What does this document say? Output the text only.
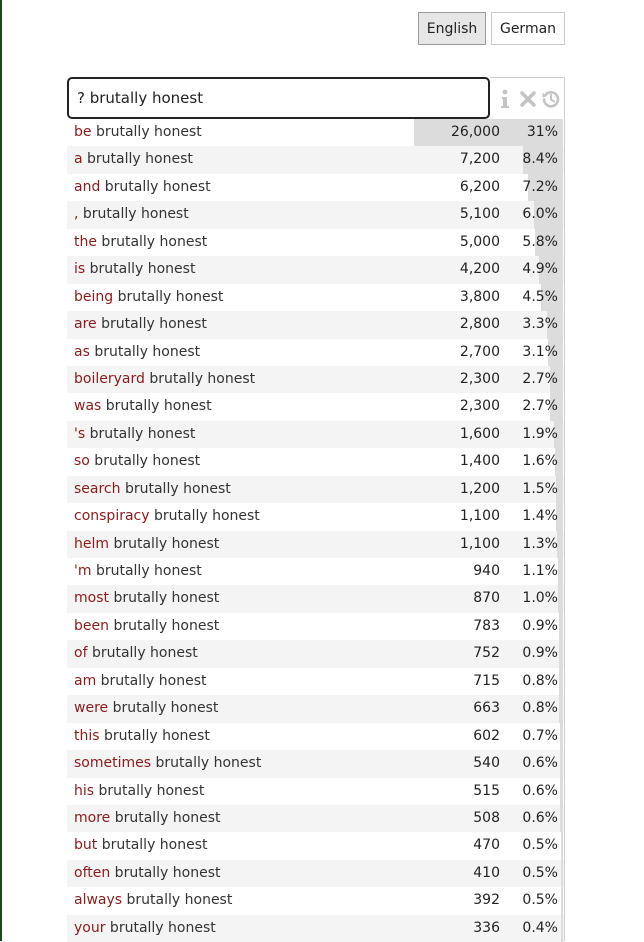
English	German
? brutally honest
be brutally honest	26,000 31%
a brutally honest	7,200 8.4%
and brutally honest	6,200 7.2%
, brutally honest	5,100 6.0%
the brutally honest	5,000 5.8%
is brutally honest	4,200 4.9%
being brutally honest	3,800 4.5%
are brutally honest	2,800 3.3%
as brutally honest	2,700 3.1%
boileryard brutally honest	2,300 2.7%
was brutally honest	2,300 2.7%
's brutally honest	1,600 1.9%
so brutally honest	1,400 1.6%
search brutally honest	1,200 1.5%
conspiracy brutally honest	1,100 1.4%
helm brutally honest	1,100 1.3%
'm brutally honest	940 1.1%
most brutally honest	870 1.0%
been brutally honest	783 0.9%
of brutally honest	752 0.9%
am brutally honest	715 0.8%
were brutally honest	663 0.8%
this brutally honest	602 0.7%
sometimes brutally honest	540 0.6%
his brutally honest	515 0.6%
more brutally honest	508 0.6%
but brutally honest	470 0.5%
often brutally honest	410 0.5%
always brutally honest	392 0.5%
your brutally honest	336 0.4%
